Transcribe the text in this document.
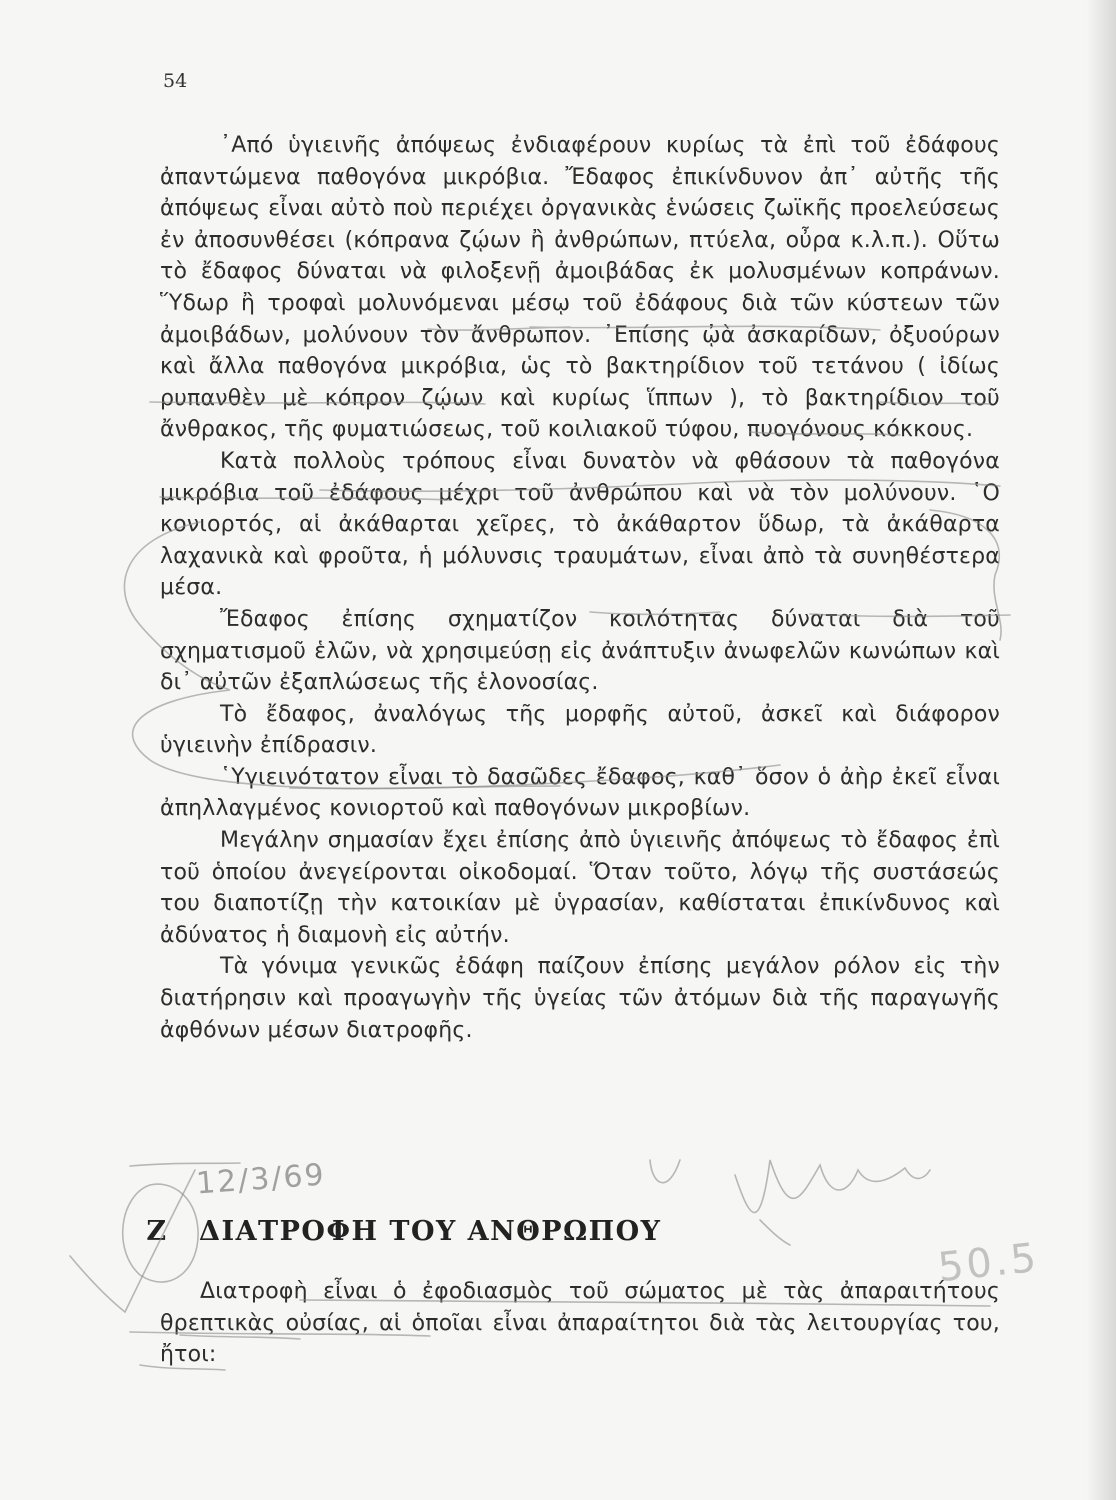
54

᾿Από ὑγιεινῆς ἀπόψεως ἐνδιαφέρουν κυρίως τὰ ἐπὶ τοῦ ἐδάφους ἀπαντώμενα παθογόνα μικρόβια. Ἔδαφος ἐπικίνδυνον ἀπ᾿ αὐτῆς τῆς ἀπόψεως εἶναι αὐτὸ ποὺ περιέχει ὀργανικὰς ἑνώσεις ζωϊκῆς προελεύσεως ἐν ἀποσυνθέσει (κόπρανα ζῴων ἢ ἀνθρώπων, πτύελα, οὖρα κ.λ.π.). Οὕτω τὸ ἔδαφος δύναται νὰ φιλοξενῇ ἀμοιβάδας ἐκ μολυσμένων κοπράνων. Ὕδωρ ἢ τροφαὶ μολυνόμεναι μέσῳ τοῦ ἐδάφους διὰ τῶν κύστεων τῶν ἀμοιβάδων, μολύνουν τὸν ἄνθρωπον. ᾿Επίσης ᾠὰ ἀσκαρίδων, ὀξυούρων καὶ ἄλλα παθογόνα μικρόβια, ὡς τὸ βακτηρίδιον τοῦ τετάνου ( ἰδίως ρυπανθὲν μὲ κόπρον ζῴων καὶ κυρίως ἵππων ), τὸ βακτηρίδιον τοῦ ἄνθρακος, τῆς φυματιώσεως, τοῦ κοιλιακοῦ τύφου, πυογόνους κόκκους.

Κατὰ πολλοὺς τρόπους εἶναι δυνατὸν νὰ φθάσουν τὰ παθογόνα μικρόβια τοῦ ἐδάφους μέχρι τοῦ ἀνθρώπου καὶ νὰ τὸν μολύνουν. ῾Ο κονιορτός, αἱ ἀκάθαρται χεῖρες, τὸ ἀκάθαρτον ὕδωρ, τὰ ἀκάθαρτα λαχανικὰ καὶ φροῦτα, ἡ μόλυνσις τραυμάτων, εἶναι ἀπὸ τὰ συνηθέστερα μέσα.

Ἔδαφος ἐπίσης σχηματίζον κοιλότητας δύναται διὰ τοῦ σχηματισμοῦ ἑλῶν, νὰ χρησιμεύσῃ εἰς ἀνάπτυξιν ἀνωφελῶν κωνώπων καὶ δι᾿ αὐτῶν ἐξαπλώσεως τῆς ἑλονοσίας.

Τὸ ἔδαφος, ἀναλόγως τῆς μορφῆς αὐτοῦ, ἀσκεῖ καὶ διάφορον ὑγιεινὴν ἐπίδρασιν.

῾Υγιεινότατον εἶναι τὸ δασῶδες ἔδαφος, καθ᾿ ὅσον ὁ ἀὴρ ἐκεῖ εἶναι ἀπηλλαγμένος κονιορτοῦ καὶ παθογόνων μικροβίων.

Μεγάλην σημασίαν ἔχει ἐπίσης ἀπὸ ὑγιεινῆς ἀπόψεως τὸ ἔδαφος ἐπὶ τοῦ ὁποίου ἀνεγείρονται οἰκοδομαί. Ὅταν τοῦτο, λόγῳ τῆς συστάσεώς του διαποτίζῃ τὴν κατοικίαν μὲ ὑγρασίαν, καθίσταται ἐπικίνδυνος καὶ ἀδύνατος ἡ διαμονὴ εἰς αὐτήν.

Τὰ γόνιμα γενικῶς ἐδάφη παίζουν ἐπίσης μεγάλον ρόλον εἰς τὴν διατήρησιν καὶ προαγωγὴν τῆς ὑγείας τῶν ἀτόμων διὰ τῆς παραγωγῆς ἀφθόνων μέσων διατροφῆς.

12/3/69
Z ΔΙΑΤΡΟΦΗ ΤΟΥ ΑΝΘΡΩΠΟΥ
50.5

Διατροφὴ εἶναι ὁ ἐφοδιασμὸς τοῦ σώματος μὲ τὰς ἀπαραιτήτους θρεπτικὰς οὐσίας, αἱ ὁποῖαι εἶναι ἀπαραίτητοι διὰ τὰς λειτουργίας του, ἤτοι:
